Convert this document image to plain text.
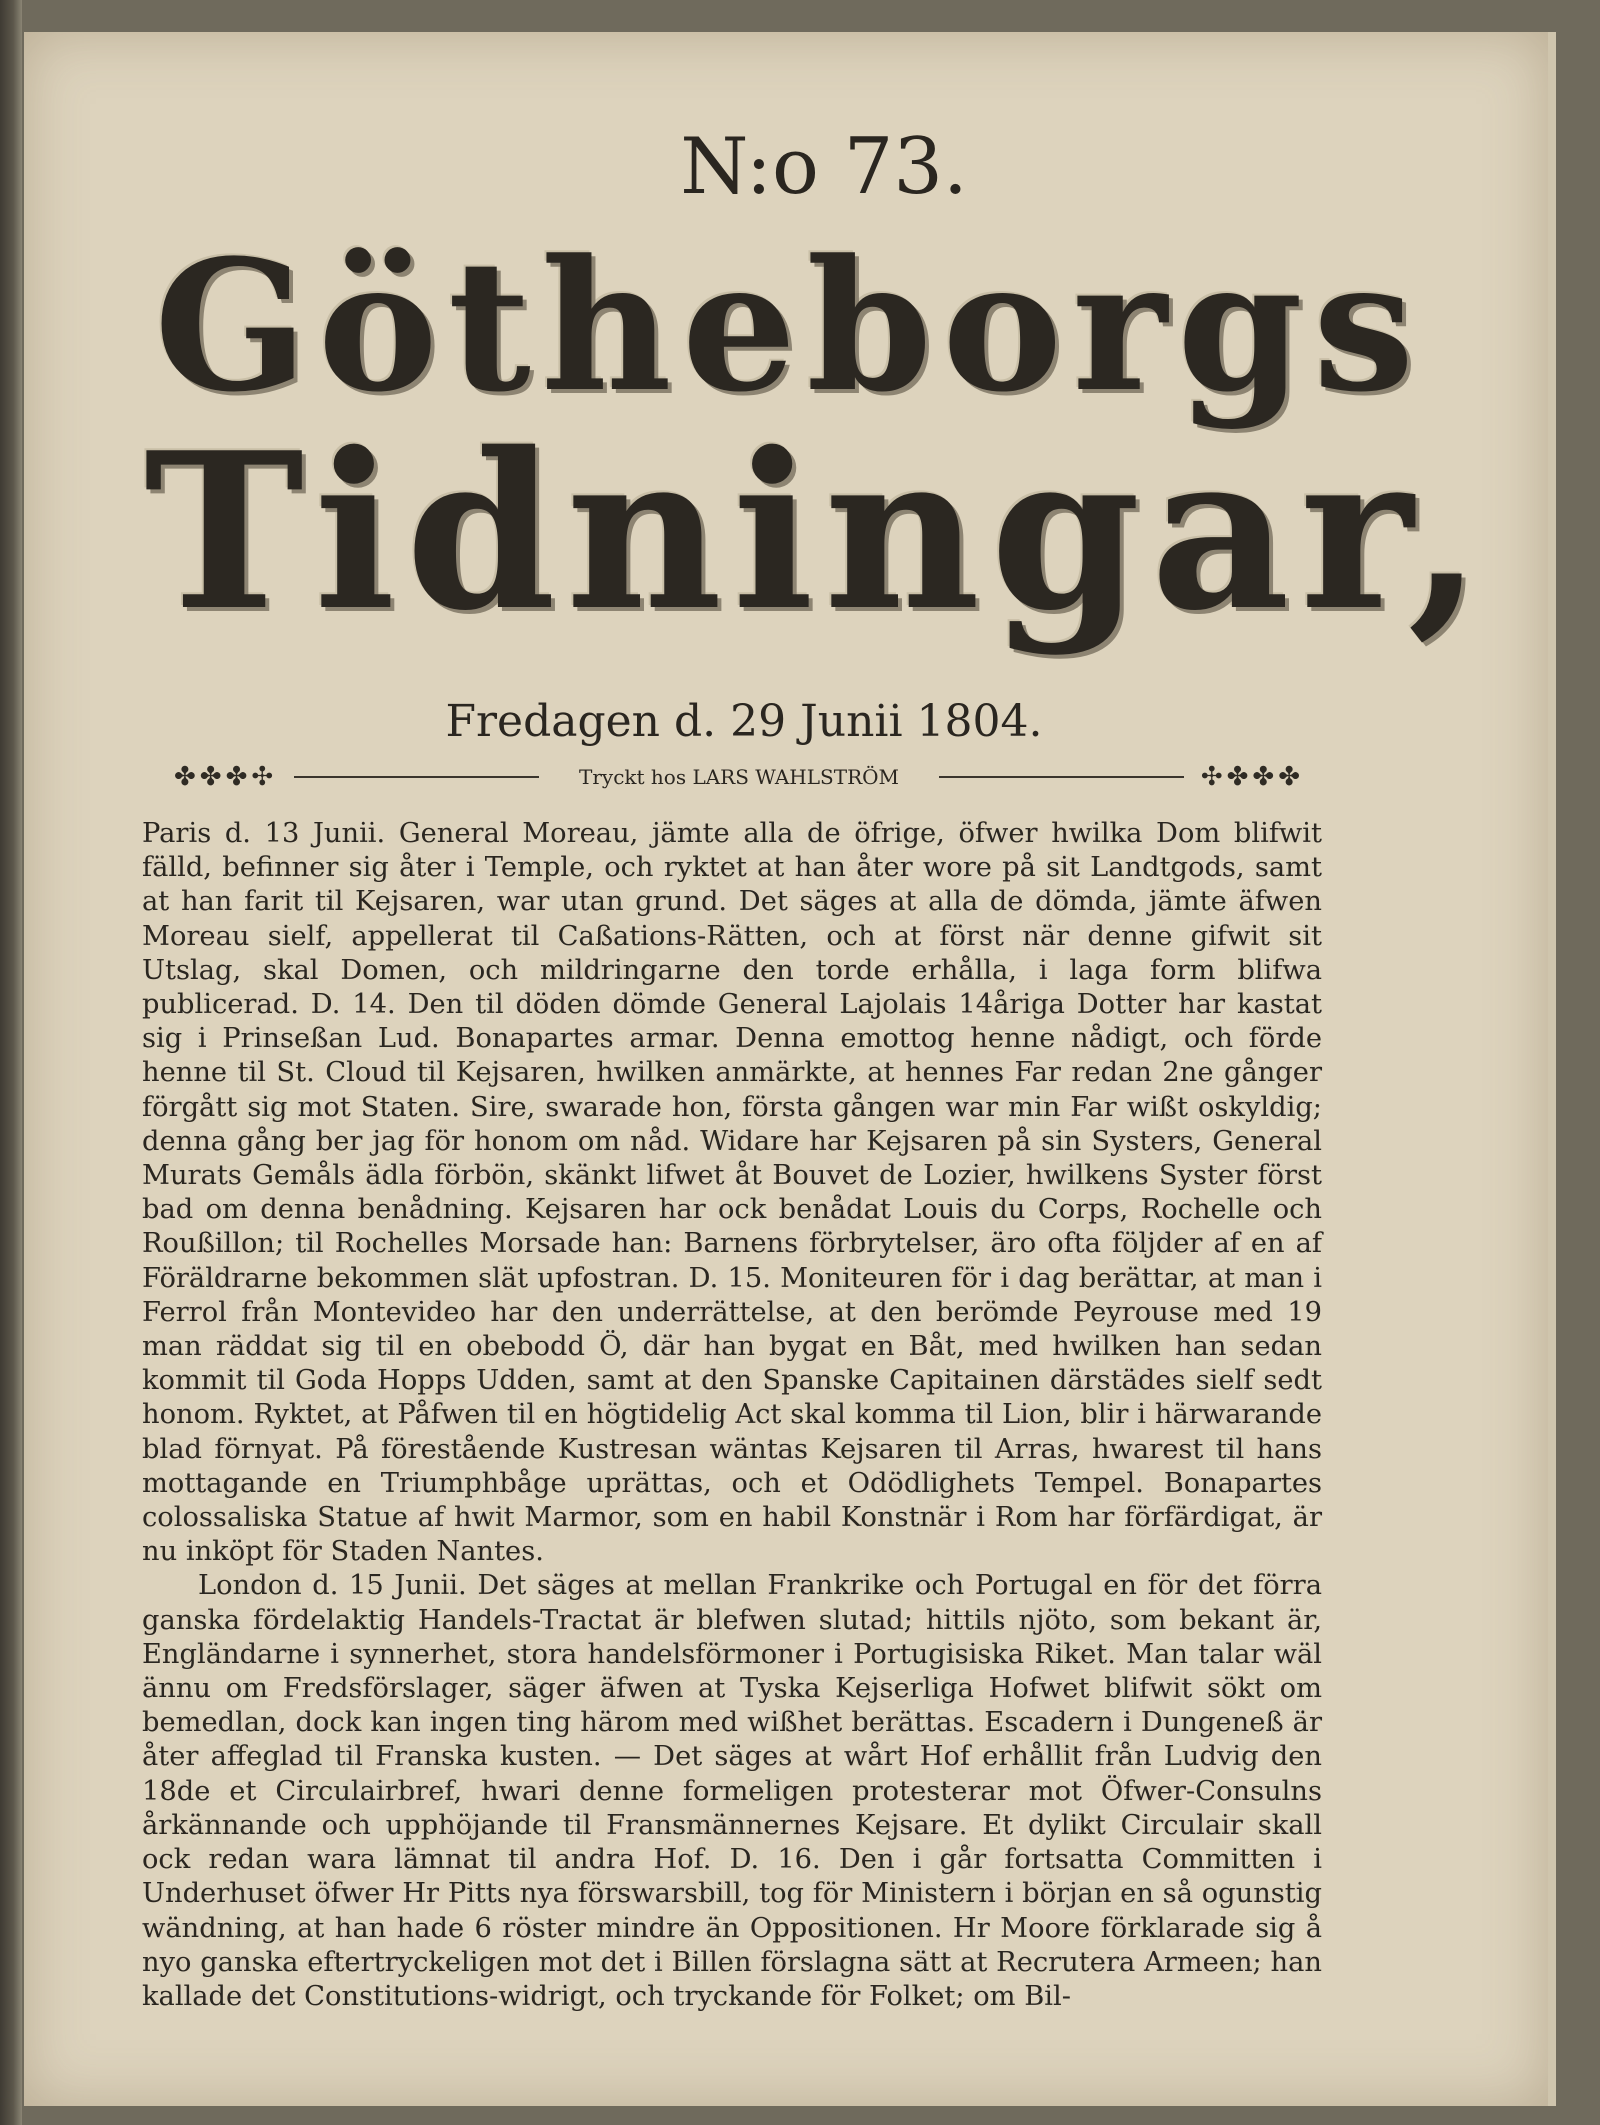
N:o 73.
Götheborgs
Tidningar,
Fredagen d. 29 Junii 1804.
✤✤✤✣	✣✤✤✤
Tryckt hos LARS WAHLSTRÖM

Paris d. 13 Junii. General Moreau, jämte alla de öfrige, öfwer hwilka Dom blifwit fälld, befinner sig åter i Temple, och ryktet at han åter wore på sit Landtgods, samt at han farit til Kejsaren, war utan grund. Det säges at alla de dömda, jämte äfwen Moreau sielf, appellerat til Caßations-Rätten, och at först när denne gifwit sit Utslag, skal Domen, och mildringarne den torde erhålla, i laga form blifwa publicerad. D. 14. Den til döden dömde General Lajolais 14åriga Dotter har kastat sig i Prinseßan Lud. Bonapartes armar. Denna emottog henne nådigt, och förde henne til St. Cloud til Kejsaren, hwilken anmärkte, at hennes Far redan 2ne gånger förgått sig mot Staten. Sire, swarade hon, första gången war min Far wißt oskyldig; denna gång ber jag för honom om nåd. Widare har Kejsaren på sin Systers, General Murats Gemåls ädla förbön, skänkt lifwet åt Bouvet de Lozier, hwilkens Syster först bad om denna benådning. Kejsaren har ock benådat Louis du Corps, Rochelle och Roußillon; til Rochelles Morsade han: Barnens förbrytelser, äro ofta följder af en af Föräldrarne bekommen slät upfostran. D. 15. Moniteuren för i dag berättar, at man i Ferrol från Montevideo har den underrättelse, at den berömde Peyrouse med 19 man räddat sig til en obebodd Ö, där han bygat en Båt, med hwilken han sedan kommit til Goda Hopps Udden, samt at den Spanske Capitainen därstädes sielf sedt honom. Ryktet, at Påfwen til en högtidelig Act skal komma til Lion, blir i härwarande blad förnyat. På förestående Kustresan wäntas Kejsaren til Arras, hwarest til hans mottagande en Triumphbåge uprättas, och et Odödlighets Tempel. Bonapartes colossaliska Statue af hwit Marmor, som en habil Konstnär i Rom har förfärdigat, är nu inköpt för Staden Nantes.

London d. 15 Junii. Det säges at mellan Frankrike och Portugal en för det förra ganska fördelaktig Handels-Tractat är blefwen slutad; hittils njöto, som bekant är, Engländarne i synnerhet, stora handelsförmoner i Portugisiska Riket. Man talar wäl ännu om Fredsförslager, säger äfwen at Tyska Kejserliga Hofwet blifwit sökt om bemedlan, dock kan ingen ting härom med wißhet berättas. Escadern i Dungeneß är åter affeglad til Franska kusten. — Det säges at wårt Hof erhållit från Ludvig den 18de et Circulairbref, hwari denne formeligen protesterar mot Öfwer-Consulns årkännande och upphöjande til Fransmännernes Kejsare. Et dylikt Circulair skall ock redan wara lämnat til andra Hof. D. 16. Den i går fortsatta Committen i Underhuset öfwer Hr Pitts nya förswarsbill, tog för Ministern i början en så ogunstig wändning, at han hade 6 röster mindre än Oppositionen. Hr Moore förklarade sig å nyo ganska eftertryckeligen mot det i Billen förslagna sätt at Recrutera Armeen; han kallade det Constitutions-widrigt, och tryckande för Folket; om Bil-
